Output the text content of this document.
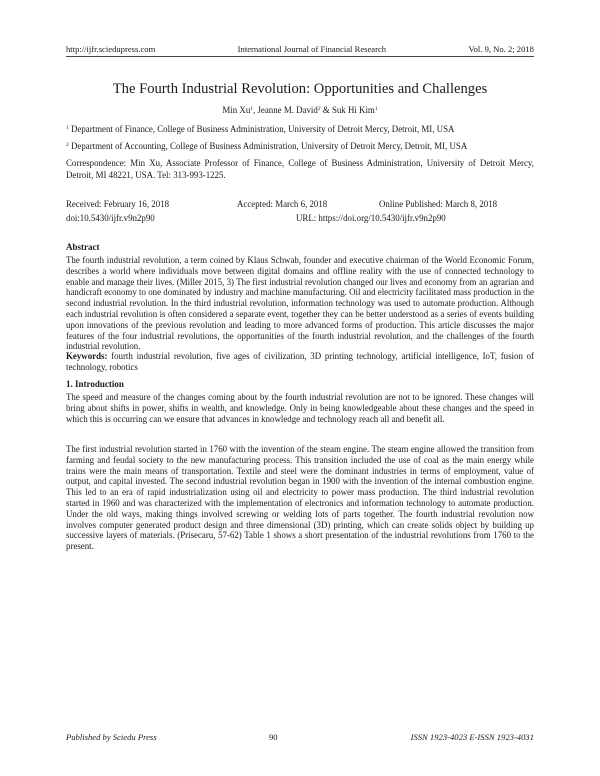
http://ijfr.sciedupress.com	International Journal of Financial Research	Vol. 9, No. 2; 2018
The Fourth Industrial Revolution: Opportunities and Challenges
Min Xu$^1$, Jeanne M. David$^2$ & Suk Hi Kim$^1$
$^1$ Department of Finance, College of Business Administration, University of Detroit Mercy, Detroit, MI, USA
$^2$ Department of Accounting, College of Business Administration, University of Detroit Mercy, Detroit, MI, USA
Correspondence: Min Xu, Associate Professor of Finance, College of Business Administration, University of Detroit Mercy, Detroit, MI 48221, USA. Tel: 313-993-1225.
Received: February 16, 2018	Accepted: March 6, 2018	Online Published: March 8, 2018
doi:10.5430/ijfr.v9n2p90	URL: https://doi.org/10.5430/ijfr.v9n2p90
Abstract

The fourth industrial revolution, a term coined by Klaus Schwab, founder and executive chairman of the World Economic Forum, describes a world where individuals move between digital domains and offline reality with the use of connected technology to enable and manage their lives. (Miller 2015, 3) The first industrial revolution changed our lives and economy from an agrarian and handicraft economy to one dominated by industry and machine manufacturing. Oil and electricity facilitated mass production in the second industrial revolution. In the third industrial revolution, information technology was used to automate production. Although each industrial revolution is often considered a separate event, together they can be better understood as a series of events building upon innovations of the previous revolution and leading to more advanced forms of production. This article discusses the major features of the four industrial revolutions, the opportunities of the fourth industrial revolution, and the challenges of the fourth industrial revolution.

Keywords: fourth industrial revolution, five ages of civilization, 3D printing technology, artificial intelligence, IoT, fusion of technology, robotics

1. Introduction

The speed and measure of the changes coming about by the fourth industrial revolution are not to be ignored. These changes will bring about shifts in power, shifts in wealth, and knowledge. Only in being knowledgeable about these changes and the speed in which this is occurring can we ensure that advances in knowledge and technology reach all and benefit all.

The first industrial revolution started in 1760 with the invention of the steam engine. The steam engine allowed the transition from farming and feudal society to the new manufacturing process. This transition included the use of coal as the main energy while trains were the main means of transportation. Textile and steel were the dominant industries in terms of employment, value of output, and capital invested. The second industrial revolution began in 1900 with the invention of the internal combustion engine. This led to an era of rapid industrialization using oil and electricity to power mass production. The third industrial revolution started in 1960 and was characterized with the implementation of electronics and information technology to automate production. Under the old ways, making things involved screwing or welding lots of parts together. The fourth industrial revolution now involves computer generated product design and three dimensional (3D) printing, which can create solids object by building up successive layers of materials. (Prisecaru, 57-62) Table 1 shows a short presentation of the industrial revolutions from 1760 to the present.

Published by Sciedu Press	90	ISSN 1923-4023 E-ISSN 1923-4031
